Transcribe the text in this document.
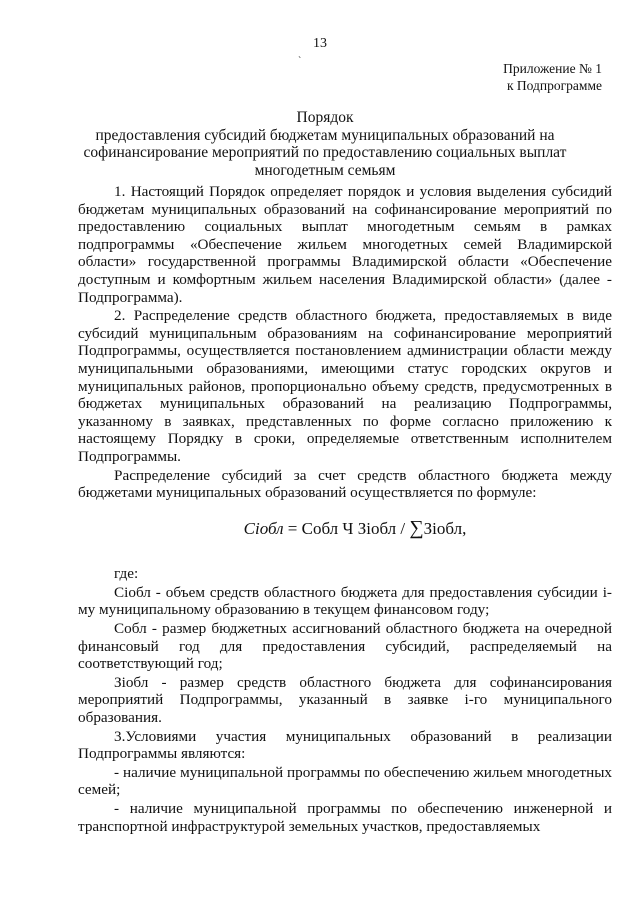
13
`	Приложение № 1
к Подпрограмме
Порядок
предоставления субсидий бюджетам муниципальных образований на
софинансирование мероприятий по предоставлению социальных выплат
многодетным семьям

1. Настоящий Порядок определяет порядок и условия выделения субсидий бюджетам муниципальных образований на софинансирование мероприятий по предоставлению социальных выплат многодетным семьям в рамках подпрограммы «Обеспечение жильем многодетных семей Владимирской области» государственной программы Владимирской области «Обеспечение доступным и комфортным жильем населения Владимирской области» (далее - Подпрограмма).

2. Распределение средств областного бюджета, предоставляемых в виде субсидий муниципальным образованиям на софинансирование мероприятий Подпрограммы, осуществляется постановлением администрации области между муниципальными образованиями, имеющими статус городских округов и муниципальных районов, пропорционально объему средств, предусмотренных в бюджетах муниципальных образований на реализацию Подпрограммы, указанному в заявках, представленных по форме согласно приложению к настоящему Порядку в сроки, определяемые ответственным исполнителем Подпрограммы.

Распределение субсидий за счет средств областного бюджета между бюджетами муниципальных образований осуществляется по формуле:

Сiобл = Собл Ч Зiобл / ∑Зiобл,

где:

Сiобл - объем средств областного бюджета для предоставления субсидии i-му муниципальному образованию в текущем финансовом году;

Собл - размер бюджетных ассигнований областного бюджета на очередной финансовый год для предоставления субсидий, распределяемый на соответствующий год;

Зiобл - размер средств областного бюджета для софинансирования мероприятий Подпрограммы, указанный в заявке i-го муниципального образования.

3.Условиями участия муниципальных образований в реализации Подпрограммы являются:

- наличие муниципальной программы по обеспечению жильем многодетных семей;

- наличие муниципальной программы по обеспечению инженерной и транспортной инфраструктурой земельных участков, предоставляемых
